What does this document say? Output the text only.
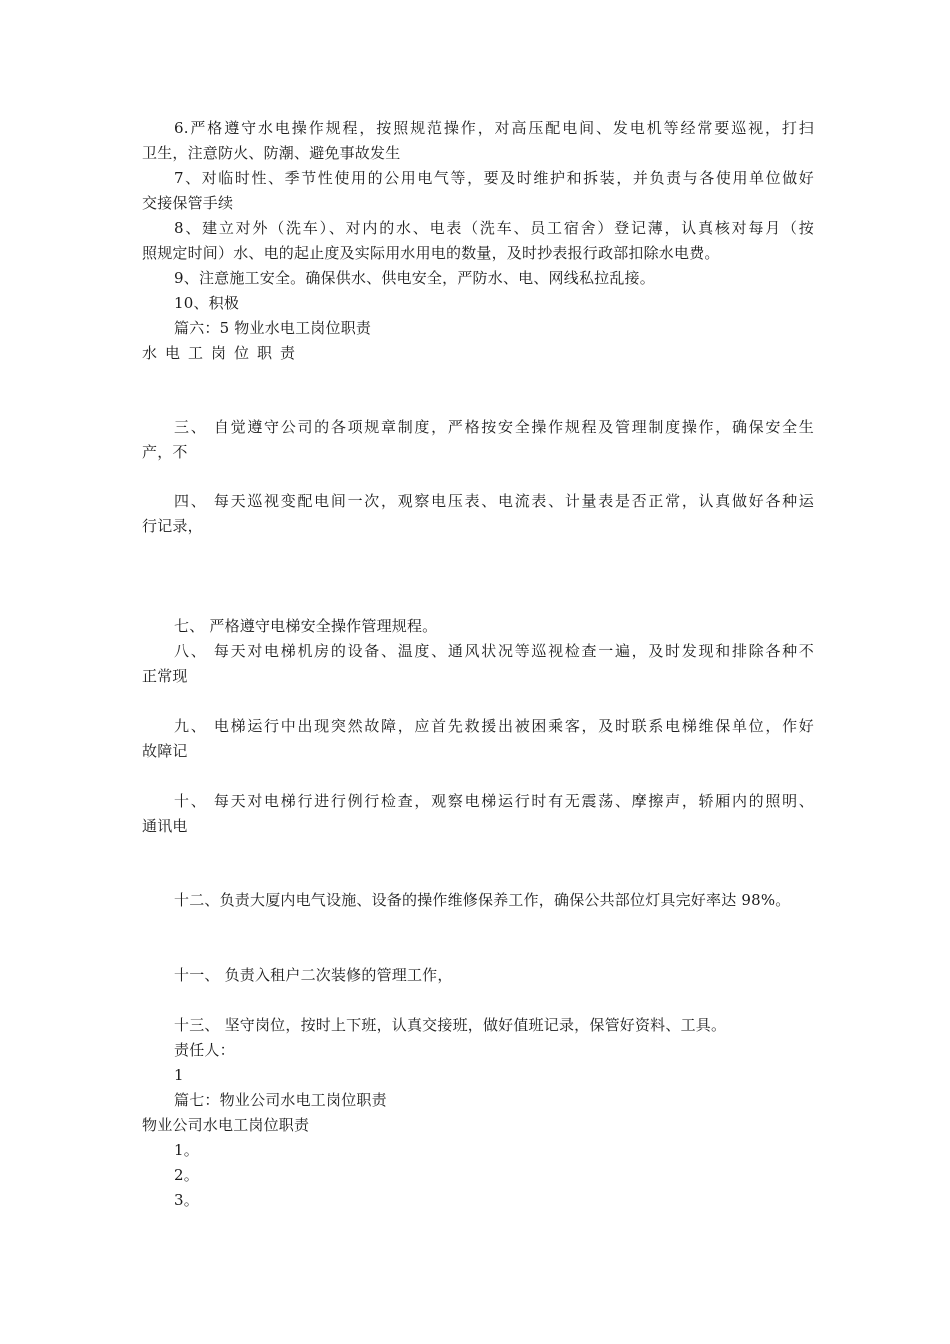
6.严格遵守水电操作规程，按照规范操作，对高压配电间、发电机等经常要巡视，打扫
卫生，注意防火、防潮、避免事故发生
7、对临时性、季节性使用的公用电气等，要及时维护和拆装，并负责与各使用单位做好
交接保管手续
8、建立对外（洗车）、对内的水、电表（洗车、员工宿舍）登记薄，认真核对每月（按
照规定时间）水、电的起止度及实际用水用电的数量，及时抄表报行政部扣除水电费。
9、注意施工安全。确保供水、供电安全，严防水、电、网线私拉乱接。
10、积极
篇六：5 物业水电工岗位职责
水电工岗位职责
三、 自觉遵守公司的各项规章制度，严格按安全操作规程及管理制度操作，确保安全生
产，不
四、 每天巡视变配电间一次，观察电压表、电流表、计量表是否正常，认真做好各种运
行记录，
七、 严格遵守电梯安全操作管理规程。
八、 每天对电梯机房的设备、温度、通风状况等巡视检查一遍，及时发现和排除各种不
正常现
九、 电梯运行中出现突然故障，应首先救援出被困乘客，及时联系电梯维保单位，作好
故障记
十、 每天对电梯行进行例行检查，观察电梯运行时有无震荡、摩擦声，轿厢内的照明、
通讯电
十二、负责大厦内电气设施、设备的操作维修保养工作，确保公共部位灯具完好率达 98%。
十一、 负责入租户二次装修的管理工作，
十三、 坚守岗位，按时上下班，认真交接班，做好值班记录，保管好资料、工具。
责任人：
1
篇七：物业公司水电工岗位职责
物业公司水电工岗位职责
1。
2。
3。
